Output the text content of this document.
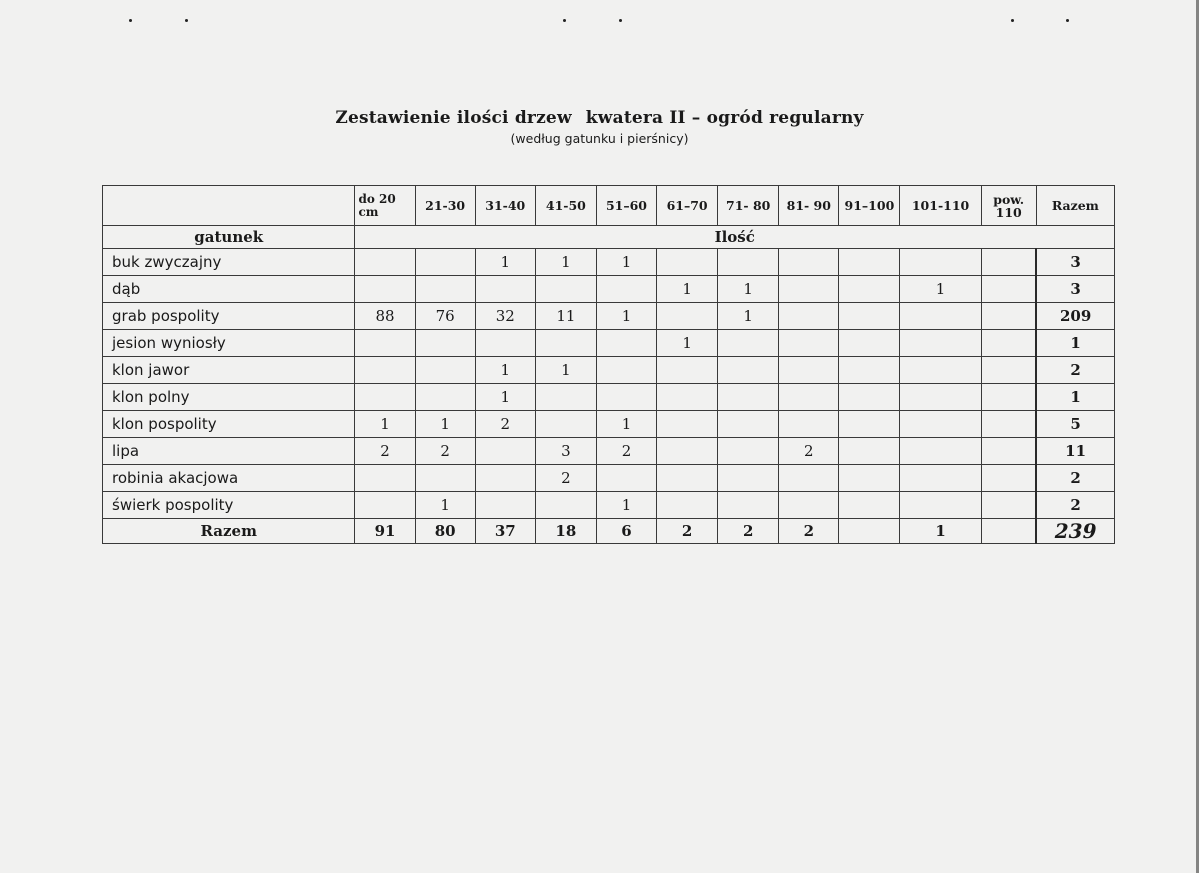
Zestawienie ilości drzew kwatera II – ogród regularny
(według gatunku i pierśnicy)
	do 20 cm	21-30	31-40	41-50	51–60	61–70	71- 80	81- 90	91–100	101-110	pow. 110	Razem
gatunek	Ilość											
buk zwyczajny			1	1	1							3
dąb						1	1			1		3
grab pospolity	88	76	32	11	1		1					209
jesion wyniosły						1						1
klon jawor			1	1								2
klon polny			1									1
klon pospolity	1	1	2		1							5
lipa	2	2		3	2			2				11
robinia akacjowa				2								2
świerk pospolity		1			1							2
Razem	91	80	37	18	6	2	2	2		1		239
